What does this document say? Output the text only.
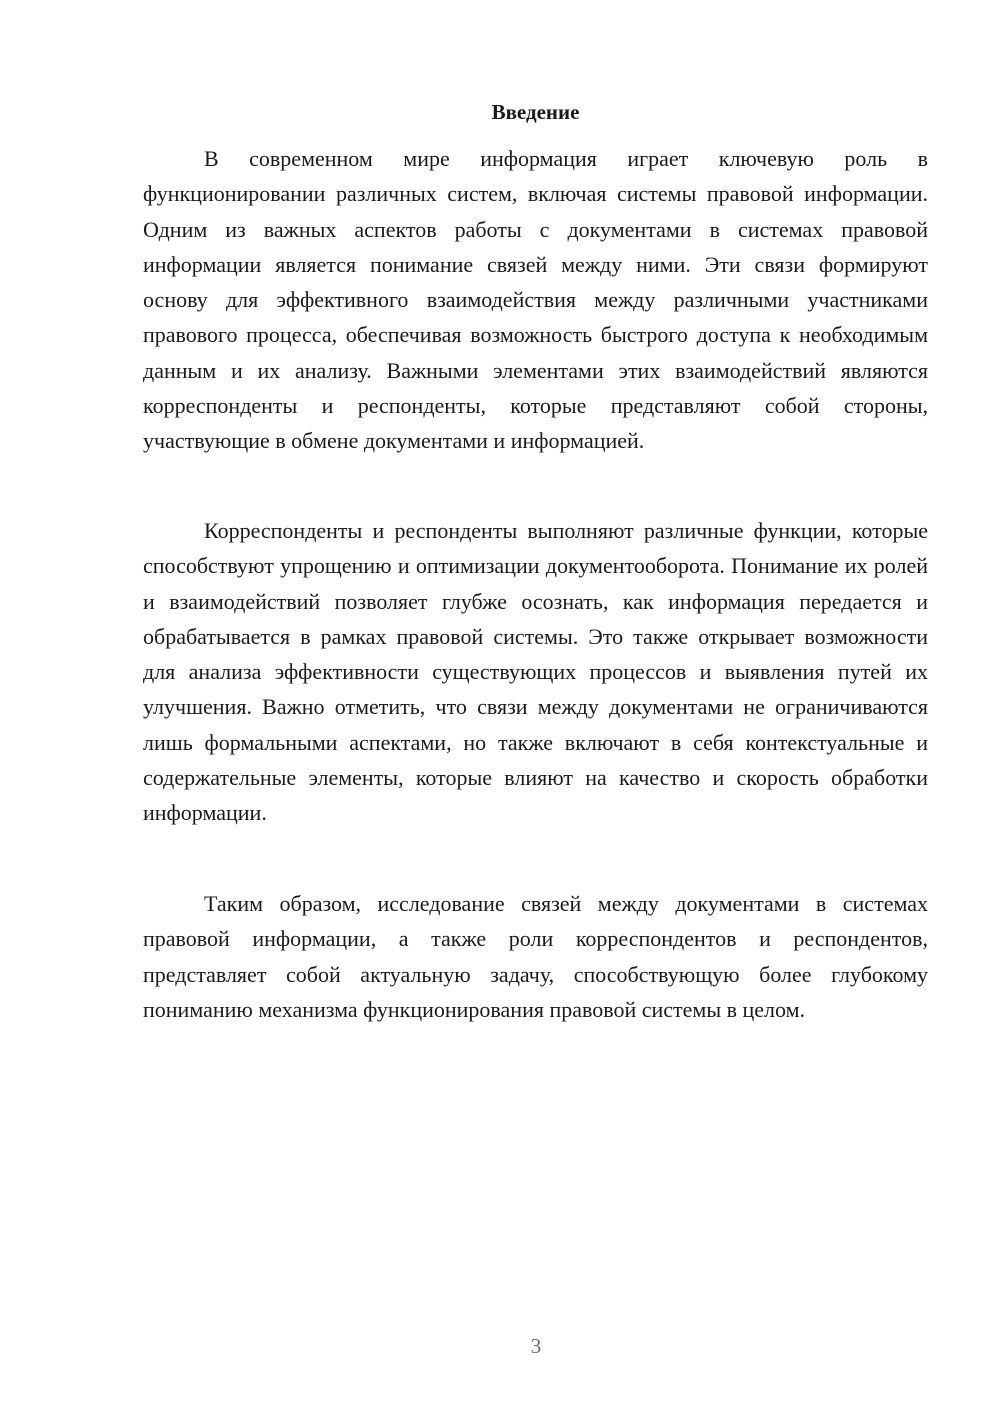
Введение

В современном мире информация играет ключевую роль в функционировании различных систем, включая системы правовой информации. Одним из важных аспектов работы с документами в системах правовой информации является понимание связей между ними. Эти связи формируют основу для эффективного взаимодействия между различными участниками правового процесса, обеспечивая возможность быстрого доступа к необходимым данным и их анализу. Важными элементами этих взаимодействий являются корреспонденты и респонденты, которые представляют собой стороны, участвующие в обмене документами и информацией.

Корреспонденты и респонденты выполняют различные функции, которые способствуют упрощению и оптимизации документооборота. Понимание их ролей и взаимодействий позволяет глубже осознать, как информация передается и обрабатывается в рамках правовой системы. Это также открывает возможности для анализа эффективности существующих процессов и выявления путей их улучшения. Важно отметить, что связи между документами не ограничиваются лишь формальными аспектами, но также включают в себя контекстуальные и содержательные элементы, которые влияют на качество и скорость обработки информации.

Таким образом, исследование связей между документами в системах правовой информации, а также роли корреспондентов и респондентов, представляет собой актуальную задачу, способствующую более глубокому пониманию механизма функционирования правовой системы в целом.

3
